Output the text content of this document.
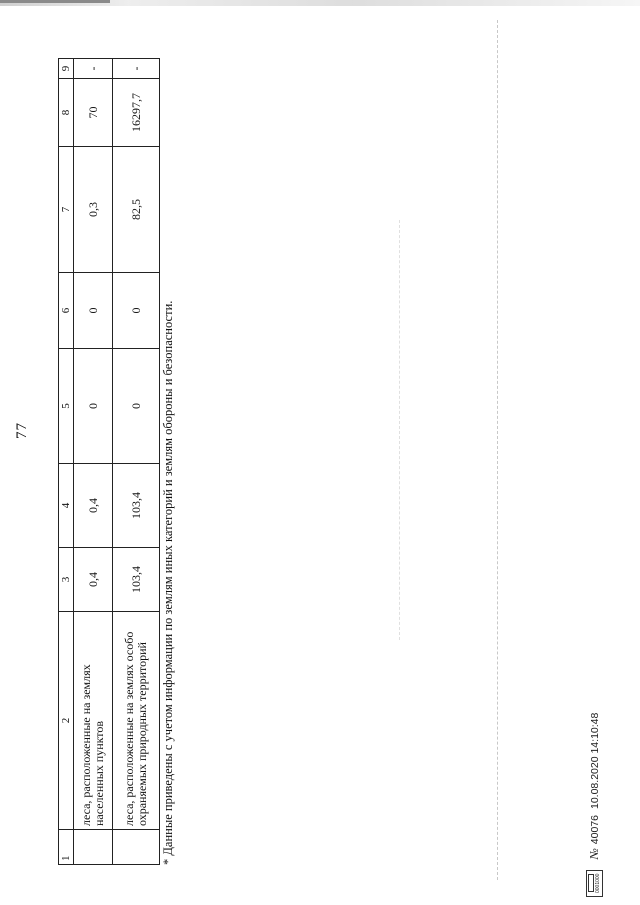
77
1	2	3	4	5	6	7	8	9
	леса, расположенные на землях населенных пунктов	0,4	0,4	0	0	0,3	70	-
	леса, расположенные на землях особо охраняемых природных территорий	103,4	103,4	0	0	82,5	16297,7	-
* Данные приведены с учетом информации по землям иных категорий и землям обороны и безопасности.
0001000
№
40076
10.08.2020 14:10:48
